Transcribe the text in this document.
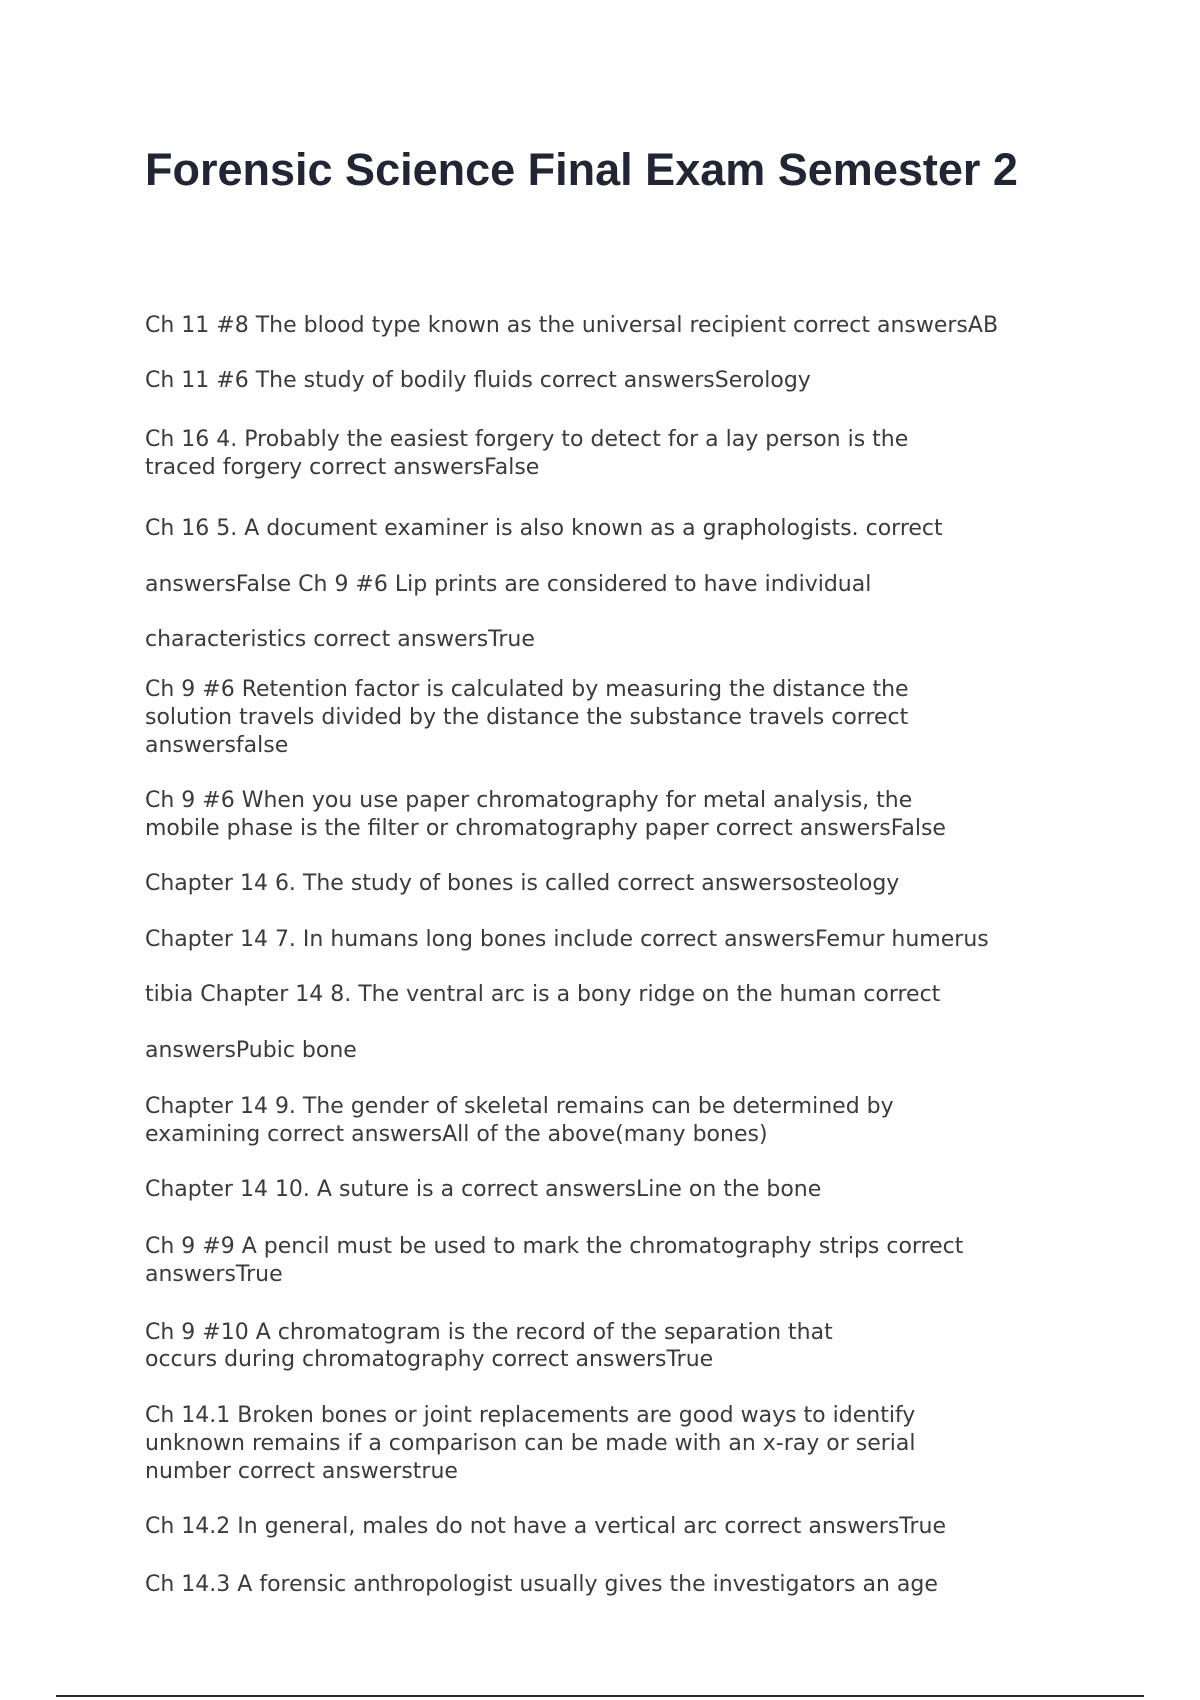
Forensic Science Final Exam Semester 2

Ch 11 #8 The blood type known as the universal recipient correct answersAB

Ch 11 #6 The study of bodily fluids correct answersSerology

Ch 16 4. Probably the easiest forgery to detect for a lay person is the

traced forgery correct answersFalse

Ch 16 5. A document examiner is also known as a graphologists. correct

answersFalse Ch 9 #6 Lip prints are considered to have individual

characteristics correct answersTrue

Ch 9 #6 Retention factor is calculated by measuring the distance the

solution travels divided by the distance the substance travels correct

answersfalse

Ch 9 #6 When you use paper chromatography for metal analysis, the

mobile phase is the filter or chromatography paper correct answersFalse

Chapter 14 6. The study of bones is called correct answersosteology

Chapter 14 7. In humans long bones include correct answersFemur humerus

tibia Chapter 14 8. The ventral arc is a bony ridge on the human correct

answersPubic bone

Chapter 14 9. The gender of skeletal remains can be determined by

examining correct answersAll of the above(many bones)

Chapter 14 10. A suture is a correct answersLine on the bone

Ch 9 #9 A pencil must be used to mark the chromatography strips correct

answersTrue

Ch 9 #10 A chromatogram is the record of the separation that

occurs during chromatography correct answersTrue

Ch 14.1 Broken bones or joint replacements are good ways to identify

unknown remains if a comparison can be made with an x-ray or serial

number correct answerstrue

Ch 14.2 In general, males do not have a vertical arc correct answersTrue

Ch 14.3 A forensic anthropologist usually gives the investigators an age
